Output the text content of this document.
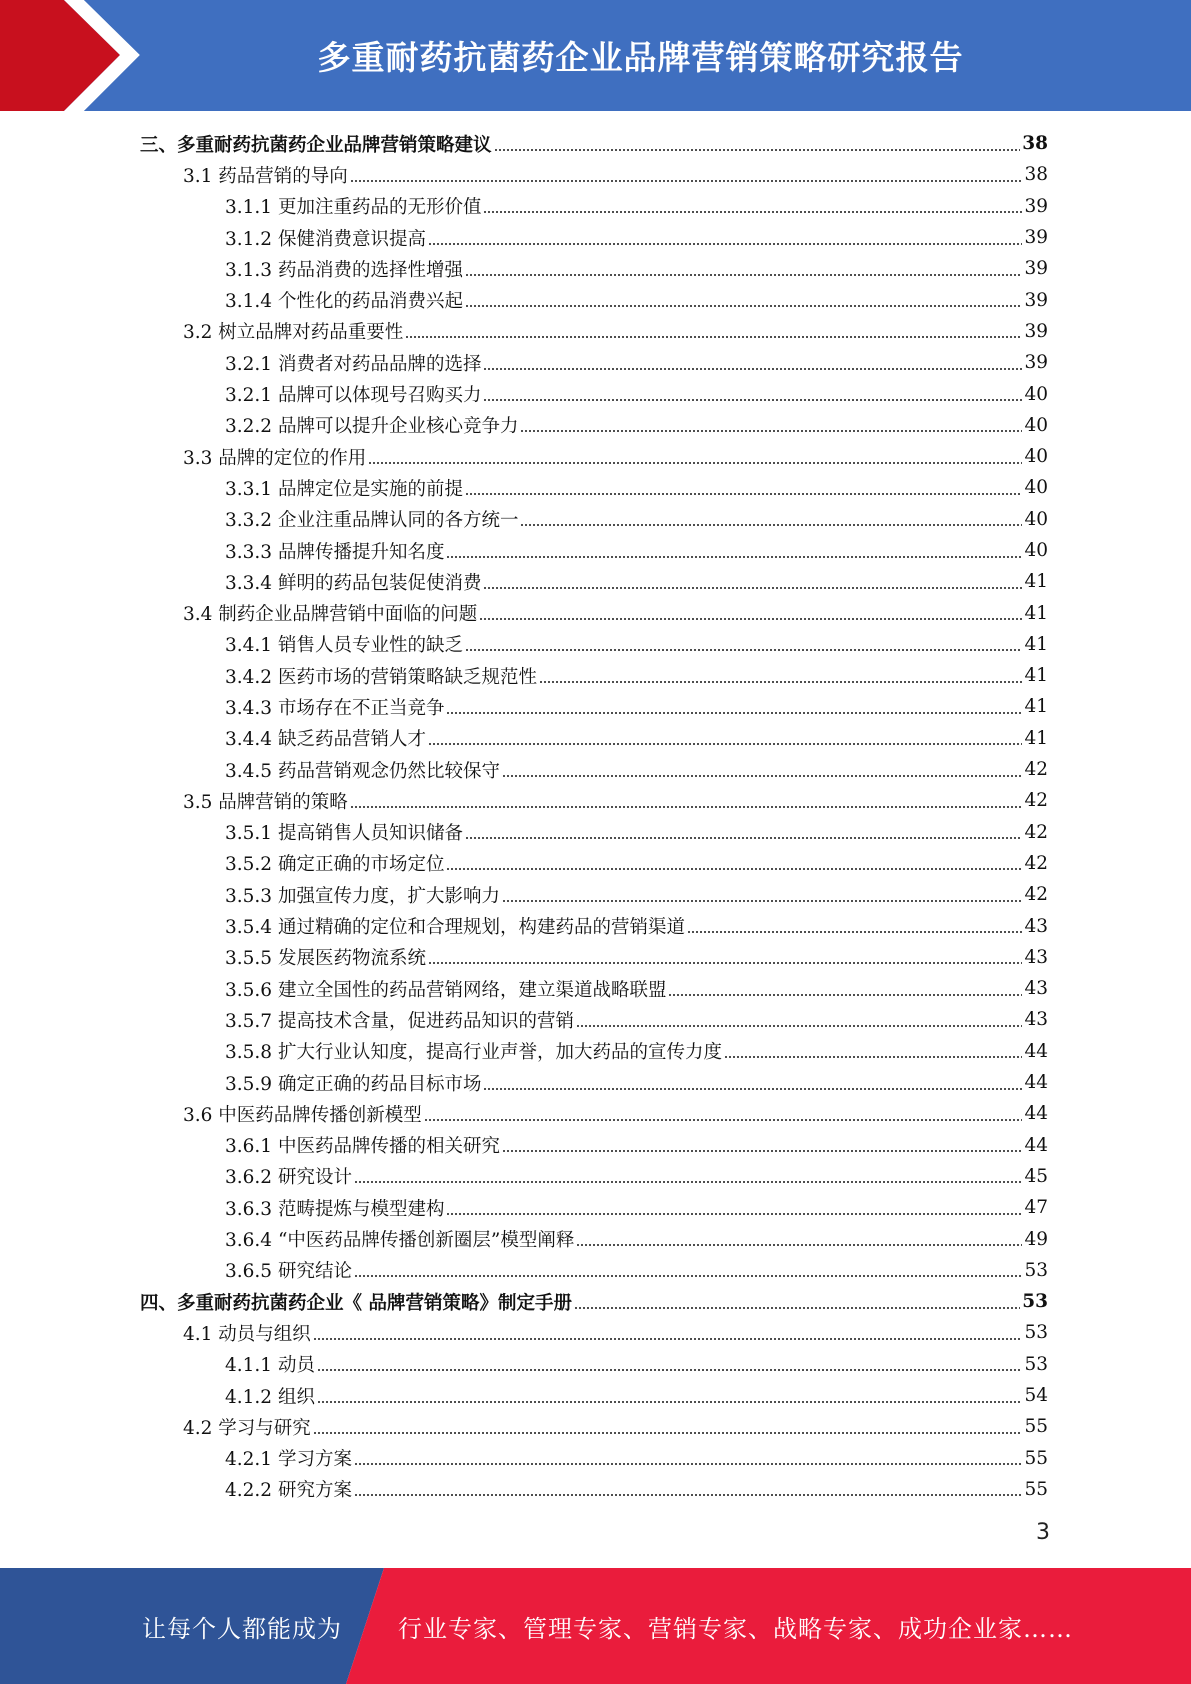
多重耐药抗菌药企业品牌营销策略研究报告
三、多重耐药抗菌药企业品牌营销策略建议	38
3.1 药品营销的导向	38
3.1.1 更加注重药品的无形价值	39
3.1.2 保健消费意识提高	39
3.1.3 药品消费的选择性增强	39
3.1.4 个性化的药品消费兴起	39
3.2 树立品牌对药品重要性	39
3.2.1 消费者对药品品牌的选择	39
3.2.1 品牌可以体现号召购买力	40
3.2.2 品牌可以提升企业核心竞争力	40
3.3 品牌的定位的作用	40
3.3.1 品牌定位是实施的前提	40
3.3.2 企业注重品牌认同的各方统一	40
3.3.3 品牌传播提升知名度	40
3.3.4 鲜明的药品包装促使消费	41
3.4 制药企业品牌营销中面临的问题	41
3.4.1 销售人员专业性的缺乏	41
3.4.2 医药市场的营销策略缺乏规范性	41
3.4.3 市场存在不正当竞争	41
3.4.4 缺乏药品营销人才	41
3.4.5 药品营销观念仍然比较保守	42
3.5 品牌营销的策略	42
3.5.1 提高销售人员知识储备	42
3.5.2 确定正确的市场定位	42
3.5.3 加强宣传力度，扩大影响力	42
3.5.4 通过精确的定位和合理规划，构建药品的营销渠道	43
3.5.5 发展医药物流系统	43
3.5.6 建立全国性的药品营销网络，建立渠道战略联盟	43
3.5.7 提高技术含量，促进药品知识的营销	43
3.5.8 扩大行业认知度，提高行业声誉，加大药品的宣传力度	44
3.5.9 确定正确的药品目标市场	44
3.6 中医药品牌传播创新模型	44
3.6.1 中医药品牌传播的相关研究	44
3.6.2 研究设计	45
3.6.3 范畴提炼与模型建构	47
3.6.4 “中医药品牌传播创新圈层”模型阐释	49
3.6.5 研究结论	53
四、多重耐药抗菌药企业《 品牌营销策略》制定手册	53
4.1 动员与组织	53
4.1.1 动员	53
4.1.2 组织	54
4.2 学习与研究	55
4.2.1 学习方案	55
4.2.2 研究方案	55
3
让每个人都能成为 行业专家、管理专家、营销专家、战略专家、成功企业家……
